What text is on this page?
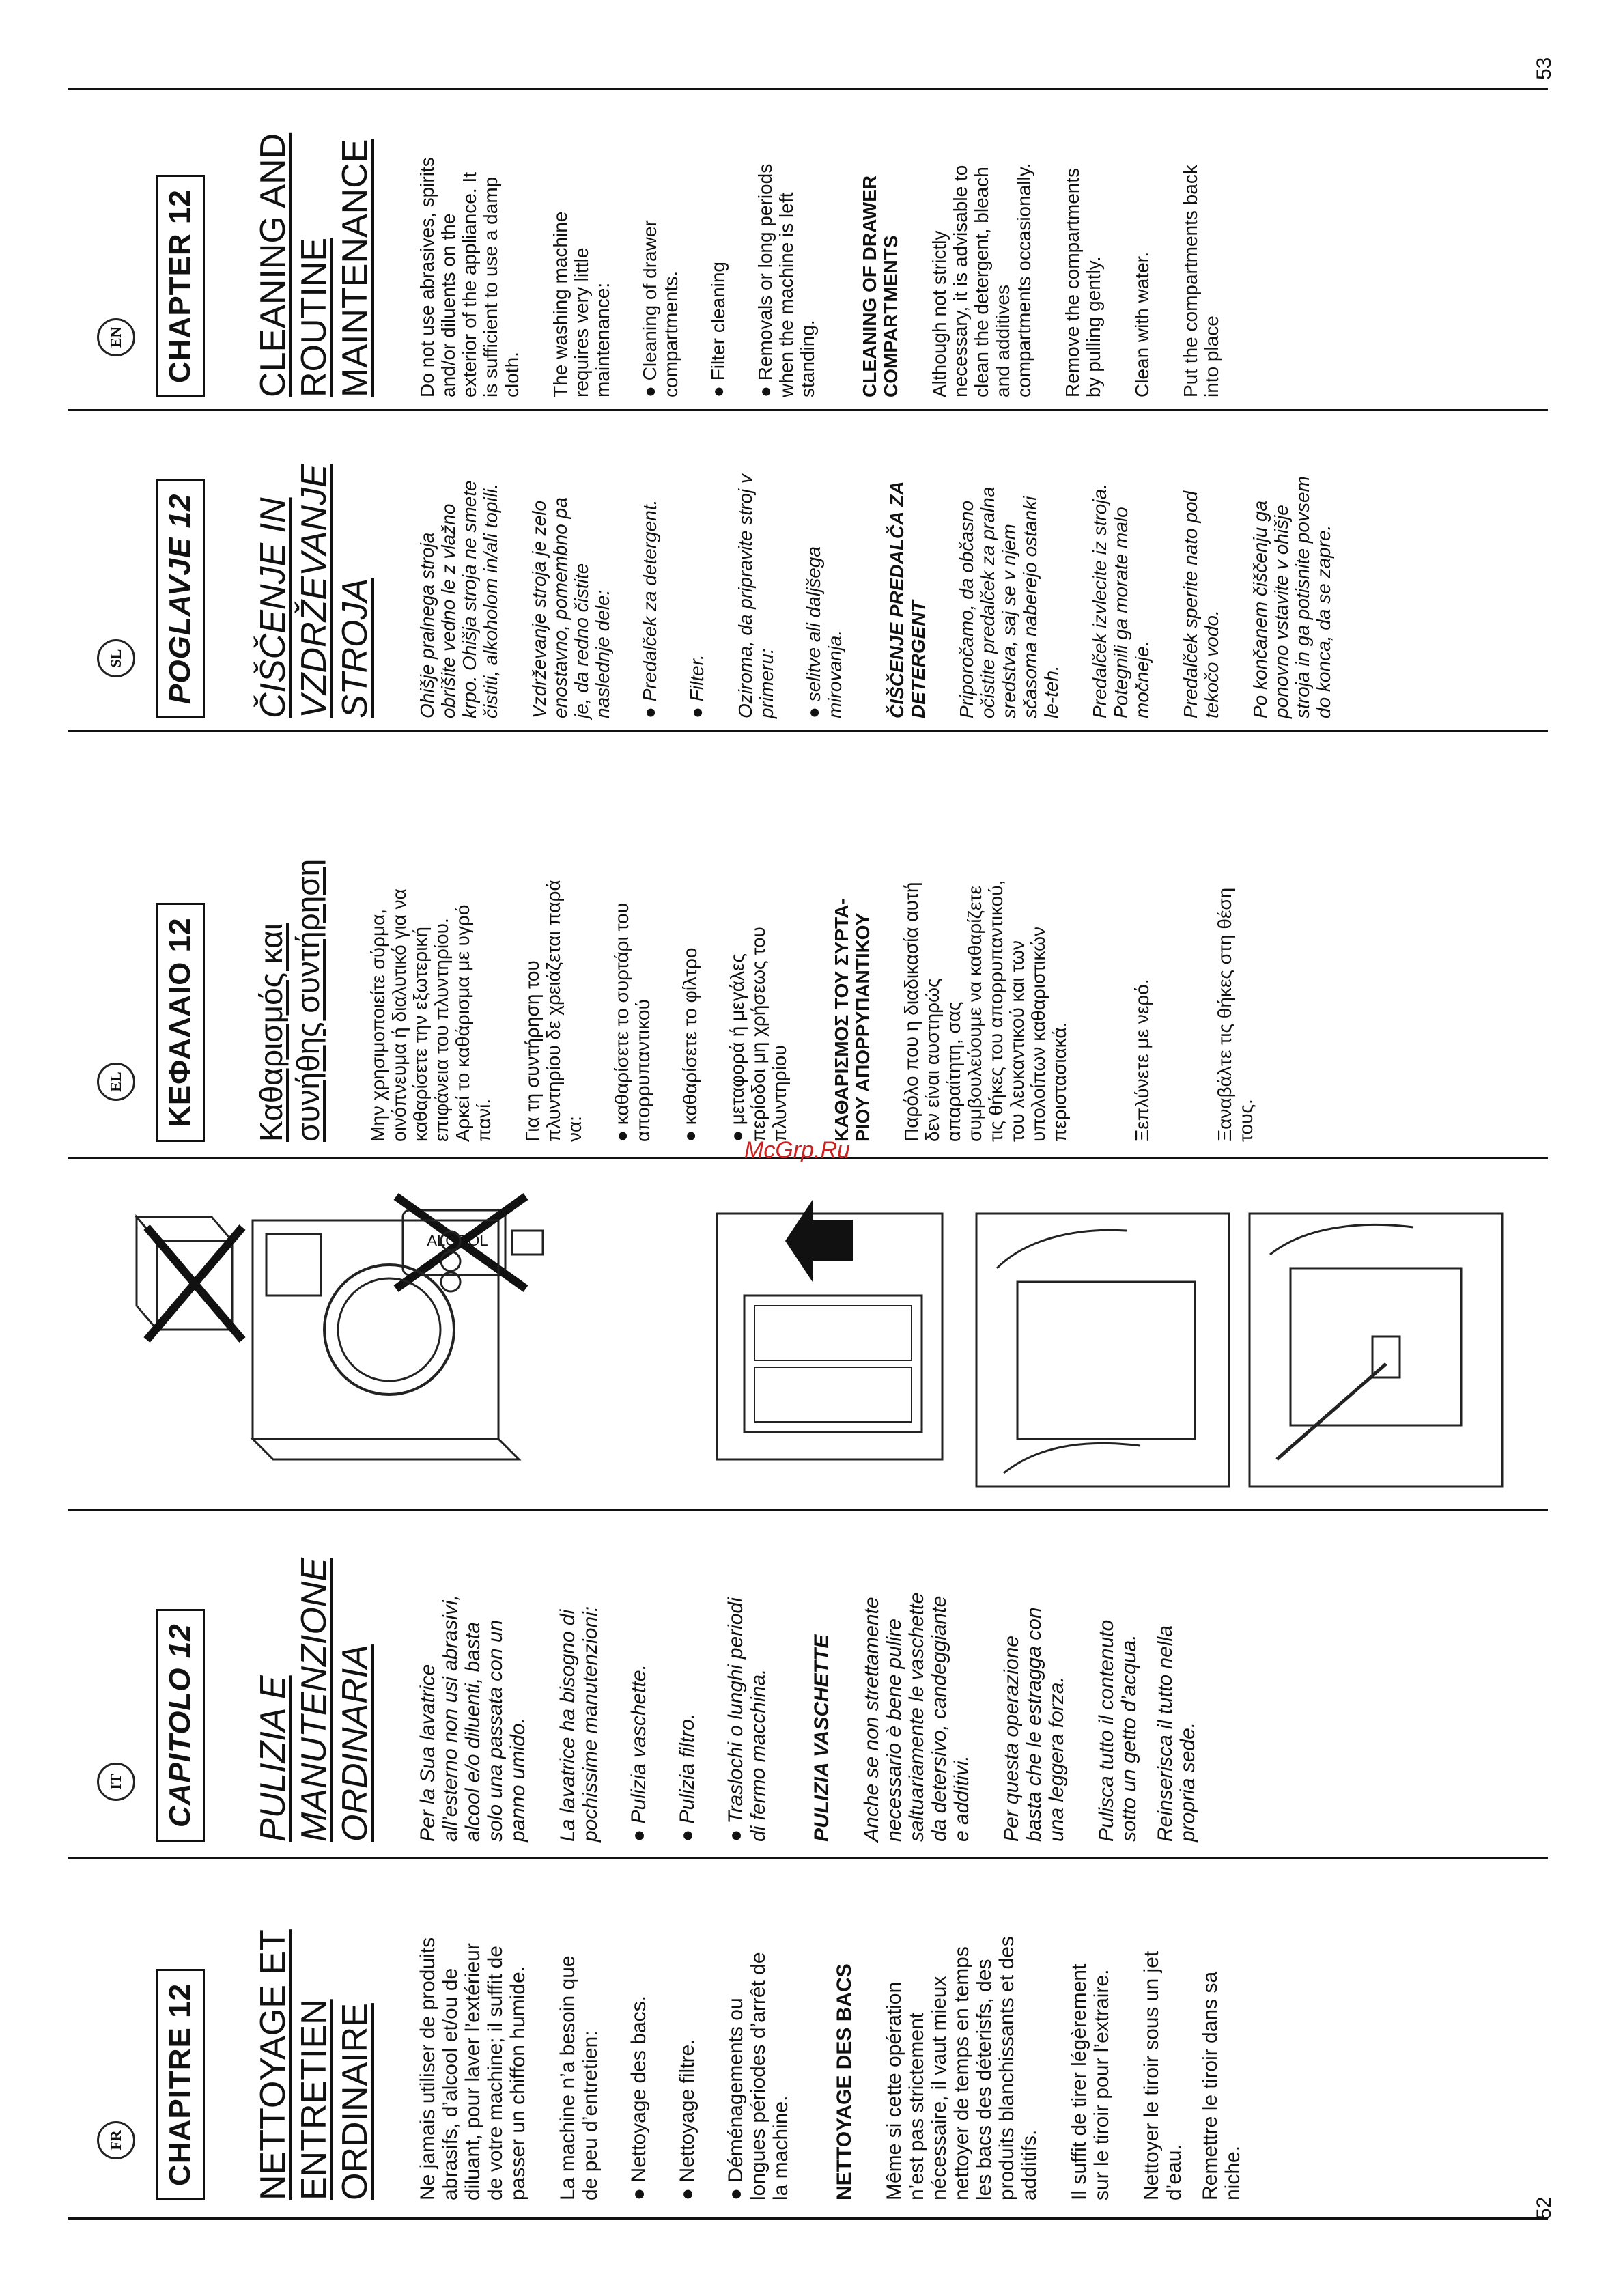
52
53
FR	CHAPITRE 12 NETTOYAGE ET
ENTRETIEN
ORDINAIRE Ne jamais utiliser de produits
abrasifs, d’alcool et/ou de
diluant, pour laver l’extérieur
de votre machine; il suffit de
passer un chiffon humide.
La machine n’a besoin que
de peu d’entretien: ● Nettoyage des bacs. ● Nettoyage filtre. ● Déménagements ou
longues périodes d’arrêt de
la machine. NETTOYAGE DES BACS Même si cette opération
n’est pas strictement
nécessaire, il vaut mieux
nettoyer de temps en temps
les bacs des déterisfs, des
produits blanchissants et des
additifs. Il suffit de tirer légèrement
sur le tiroir pour l’extraire.
Nettoyer le tiroir sous un jet
d’eau. Remettre le tiroir dans sa
niche.
IT	CAPITOLO 12 PULIZIA E
MANUTENZIONE
ORDINARIA Per la Sua lavatrice
all’esterno non usi abrasivi,
alcool e/o diluenti, basta
solo una passata con un
panno umido.
La lavatrice ha bisogno di
pochissime manutenzioni: ● Pulizia vaschette. ● Pulizia filtro. ● Traslochi o lunghi periodi
di fermo macchina. PULIZIA VASCHETTE Anche se non strettamente
necessario è bene pulire
saltuariamente le vaschette
da detersivo, candeggiante
e additivi.
Per questa operazione
basta che le estragga con
una leggera forza.
Pulisca tutto il contenuto
sotto un getto d’acqua.
Reinserisca il tutto nella
propria sede.
ALCOOL
EL	ΚΕΦΑΛΑΙΟ 12 Καθαρισμός και
συνήθης συντήρηση
Μην χρησιμοποιείτε σύρμα,
οινόπνευμα ή διαλυτικό για να
καθαρίσετε την εξωτερική
επιφάνεια του πλυντηρίου.
Αρκεί το καθάρισμα με υγρό
πανί. Για τη συντήρηση του
πλυντηρίου δε χρειάζεται παρά
να:
● καθαρίσετε το συρτάρι του
απορρυπαντικού ● καθαρίσετε το φίλτρο ● μεταφορά ή μεγάλες
περίοδοι μη χρήσεως του
πλυντηρίου ΚΑΘΑΡΙΣΜΟΣ ΤΟΥ ΣΥΡΤΑ-
ΡΙΟΥ ΑΠΟΡΡΥΠΑΝΤΙΚΟΥ
Παρόλο που η διαδικασία αυτή
δεν είναι αυστηρώς
απαραίτητη, σας
συμβουλεύουμε να καθαρίζετε
τις θήκες του απορρυπαντικού,
του λευκαντικού και των
υπολοίπων καθαριστικών
περιστασιακά.	Ξεπλύνετε με νερό.	Ξαναβάλτε τις θήκες στη θέση
τους.
SL	POGLAVJE 12 ČIŠČENJE IN
VZDRŽEVANJE
STROJA Ohišje pralnega stroja
obrišite vedno le z vlažno
krpo. Ohišja stroja ne smete
čistiti, alkoholom in/ali topili.
Vzdrževanje stroja je zelo
enostavno, pomembno pa
je, da redno čistite
naslednje dele: ● Predalček za detergent. ● Filter. Oziroma, da pripravite stroj v
primeru: ● selitve ali daljšega
mirovanja. ČIŠČENJE PREDALČA ZA
DETERGENT Priporočamo, da občasno
očistite predalček za pralna
sredstva, saj se v njem
sčasoma naberejo ostanki
le-teh. Predalček izvlecite iz stroja.
Potegnili ga morate malo
močneje. Predalček sperite nato pod
tekočo vodo.
Po končanem čiščenju ga
ponovno vstavite v ohišje
stroja in ga potisnite povsem
do konca, da se zapre.
EN	CHAPTER 12 CLEANING AND
ROUTINE
MAINTENANCE Do not use abrasives, spirits
and/or diluents on the
exterior of the appliance. It
is sufficient to use a damp
cloth. The washing machine
requires very little
maintenance: ● Cleaning of drawer
compartments. ● Filter cleaning ● Removals or long periods
when the machine is left
standing. CLEANING OF DRAWER
COMPARTMENTS Although not strictly
necessary, it is advisable to
clean the detergent, bleach
and additives
compartments occasionally.
Remove the compartments
by pulling gently. Clean with water. Put the compartments back
into place
McGrp.Ru
